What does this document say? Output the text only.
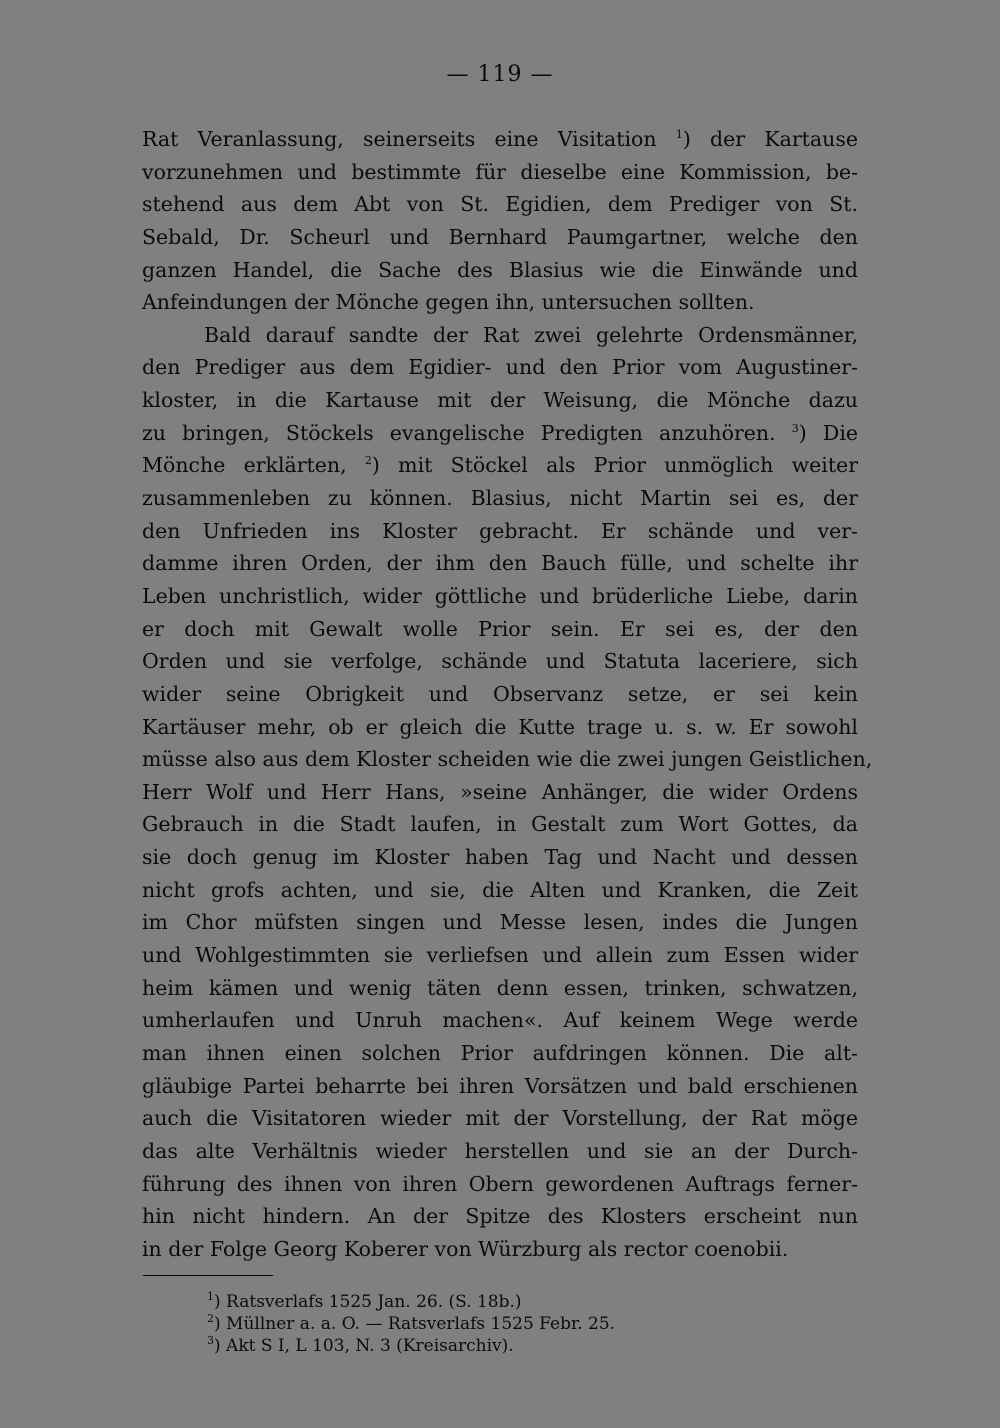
— 119 —
Rat Veranlassung, seinerseits eine Visitation $^1$) der Kartause
vorzunehmen und bestimmte für dieselbe eine Kommission, be-
stehend aus dem Abt von St. Egidien, dem Prediger von St.
Sebald, Dr. Scheurl und Bernhard Paumgartner, welche den
ganzen Handel, die Sache des Blasius wie die Einwände und
Anfeindungen der Mönche gegen ihn, untersuchen sollten.
Bald darauf sandte der Rat zwei gelehrte Ordensmänner,
den Prediger aus dem Egidier- und den Prior vom Augustiner-
kloster, in die Kartause mit der Weisung, die Mönche dazu
zu bringen, Stöckels evangelische Predigten anzuhören. $^3$) Die
Mönche erklärten, $^2$) mit Stöckel als Prior unmöglich weiter
zusammenleben zu können. Blasius, nicht Martin sei es, der
den Unfrieden ins Kloster gebracht. Er schände und ver-
damme ihren Orden, der ihm den Bauch fülle, und schelte ihr
Leben unchristlich, wider göttliche und brüderliche Liebe, darin
er doch mit Gewalt wolle Prior sein. Er sei es, der den
Orden und sie verfolge, schände und Statuta laceriere, sich
wider seine Obrigkeit und Observanz setze, er sei kein
Kartäuser mehr, ob er gleich die Kutte trage u. s. w. Er sowohl
müsse also aus dem Kloster scheiden wie die zwei jungen Geistlichen,
Herr Wolf und Herr Hans, »seine Anhänger, die wider Ordens
Gebrauch in die Stadt laufen, in Gestalt zum Wort Gottes, da
sie doch genug im Kloster haben Tag und Nacht und dessen
nicht grofs achten, und sie, die Alten und Kranken, die Zeit
im Chor müfsten singen und Messe lesen, indes die Jungen
und Wohlgestimmten sie verliefsen und allein zum Essen wider
heim kämen und wenig täten denn essen, trinken, schwatzen,
umherlaufen und Unruh machen«. Auf keinem Wege werde
man ihnen einen solchen Prior aufdringen können. Die alt-
gläubige Partei beharrte bei ihren Vorsätzen und bald erschienen
auch die Visitatoren wieder mit der Vorstellung, der Rat möge
das alte Verhältnis wieder herstellen und sie an der Durch-
führung des ihnen von ihren Obern gewordenen Auftrags ferner-
hin nicht hindern. An der Spitze des Klosters erscheint nun
in der Folge Georg Koberer von Würzburg als rector coenobii.
$^1$) Ratsverlafs 1525 Jan. 26. (S. 18b.)
$^2$) Müllner a. a. O. — Ratsverlafs 1525 Febr. 25.
$^3$) Akt S I, L 103, N. 3 (Kreisarchiv).
